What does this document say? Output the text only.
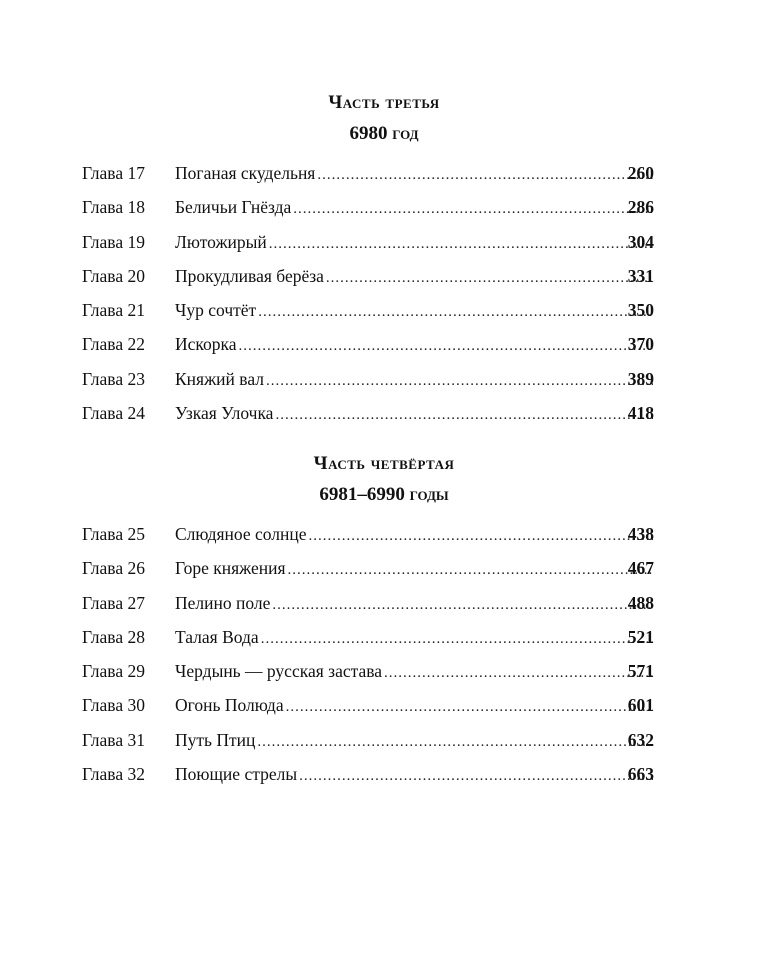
Часть третья
6980 год
Глава 17 Поганая скудельня .....	260
Глава 18 Беличьи Гнёзда .....	286
Глава 19 Лютожирый .....	304
Глава 20 Прокудливая берёза .....	331
Глава 21 Чур сочтёт .....	350
Глава 22 Искорка .....	370
Глава 23 Княжий вал .....	389
Глава 24 Узкая Улочка .....	418
Часть четвёртая
6981–6990 годы
Глава 25 Слюдяное солнце .....	438
Глава 26 Горе княжения .....	467
Глава 27 Пелино поле .....	488
Глава 28 Талая Вода .....	521
Глава 29 Чердынь — русская застава .....	571
Глава 30 Огонь Полюда .....	601
Глава 31 Путь Птиц .....	632
Глава 32 Поющие стрелы .....	663
